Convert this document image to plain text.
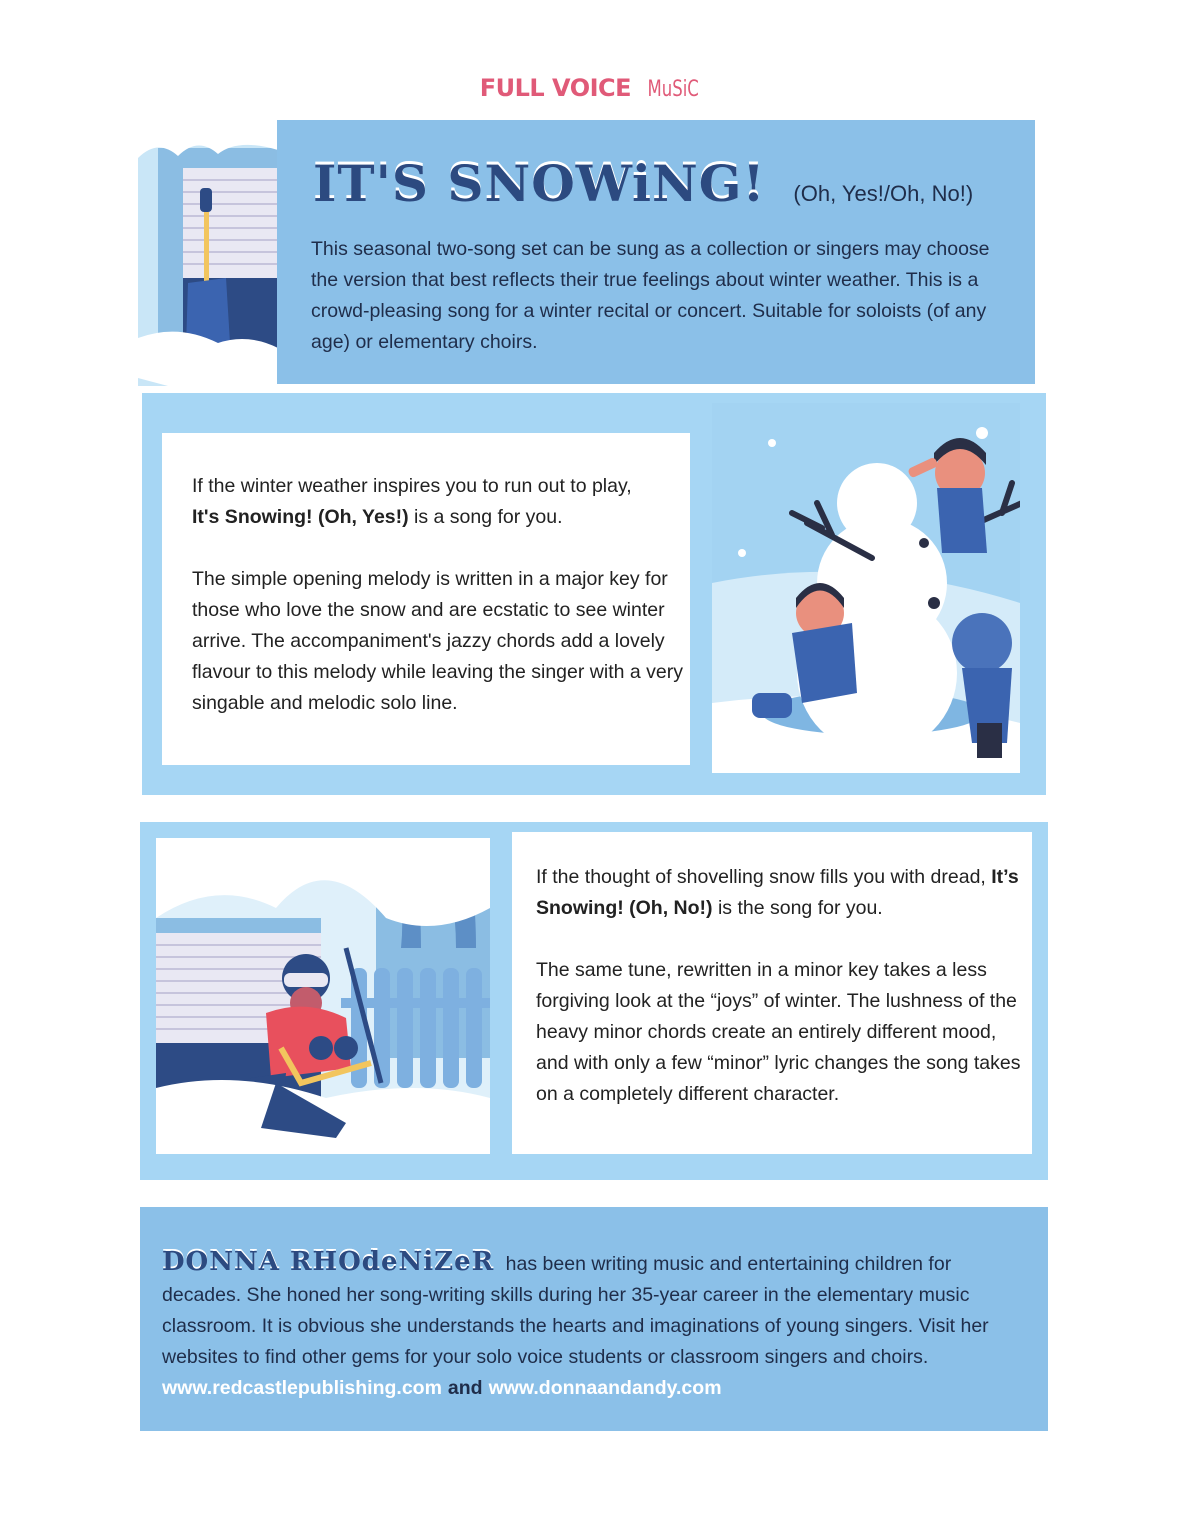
FULL VOICE MuSiC
IT'S SNOWiNG! (Oh, Yes!/Oh, No!)

This seasonal two-song set can be sung as a collection or singers may choose the version that best reflects their true feelings about winter weather. This is a crowd-pleasing song for a winter recital or concert. Suitable for soloists (of any age) or elementary choirs.

If the winter weather inspires you to run out to play,
It's Snowing! (Oh, Yes!) is a song for you.

The simple opening melody is written in a major key for those who love the snow and are ecstatic to see winter arrive. The accompaniment's jazzy chords add a lovely flavour to this melody while leaving the singer with a very singable and melodic solo line.

If the thought of shovelling snow fills you with dread, It’s Snowing! (Oh, No!) is the song for you.

The same tune, rewritten in a minor key takes a less forgiving look at the “joys” of winter. The lushness of the heavy minor chords create an entirely different mood, and with only a few “minor” lyric changes the song takes on a completely different character.

DONNA RHOdeNiZeR has been writing music and entertaining children for decades. She honed her song-writing skills during her 35-year career in the elementary music classroom. It is obvious she understands the hearts and imaginations of young singers. Visit her websites to find other gems for your solo voice students or classroom singers and choirs. www.redcastlepublishing.com and www.donnaandandy.com
